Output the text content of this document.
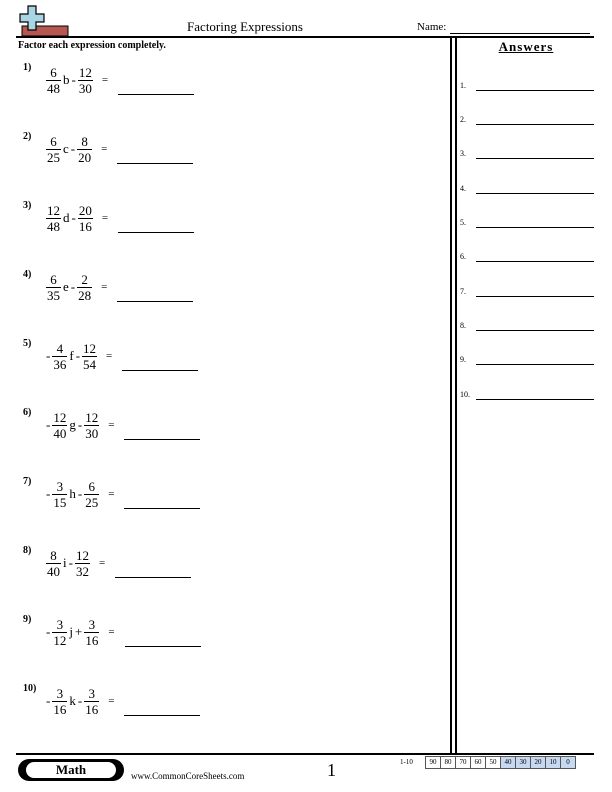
Factoring Expressions	Name:
Factor each expression completely.
$1) \frac{6}{48}$ b - $\frac{12}{30}$ =
$2) \frac{6}{25}$ c - $\frac{8}{20}$ =
$3) \frac{12}{48}$ d - $\frac{20}{16}$ =
$4) \frac{6}{35}$ e - $\frac{2}{28}$ =
5)
- $\frac{4}{36}$ f - $\frac{12}{54}$ =
6)
- $\frac{12}{40}$ g - $\frac{12}{30}$ =
7)
- $\frac{3}{15}$ h - $\frac{6}{25}$ =
$8) \frac{8}{40}$ i - $\frac{12}{32}$ =
9)
- $\frac{3}{12}$ $j + \frac{3}{16}$ =
10)
- $\frac{3}{16}$ k - $\frac{3}{16}$ =
Answers
1.
2.
3.
4.
5.
6.
7.
8.
9.
10.
Math	www.CommonCoreSheets.com	1	1-10	90	80	70	60	50	40	30	20	10	0
